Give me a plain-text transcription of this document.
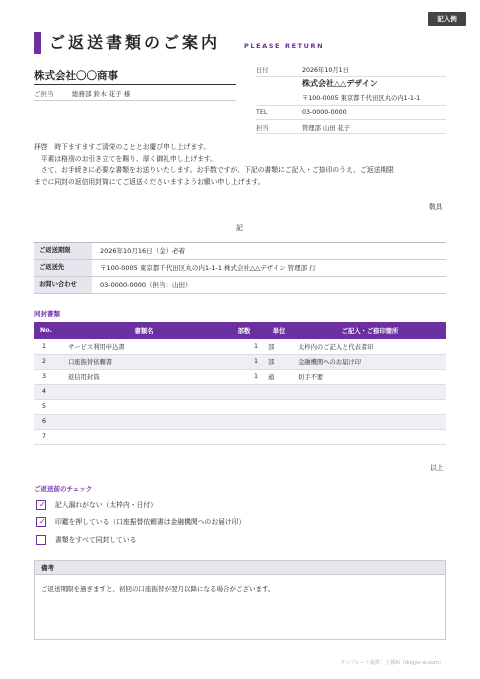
記入例
ご返送書類のご案内	PLEASE RETURN
株式会社〇〇商事
ご担当	総務部 鈴木 花子 様
日付	2026年10月1日
株式会社△△デザイン
〒100-0005 東京都千代田区丸の内1-1-1
TEL	03-0000-0000
担当	管理部 山田 花子

拝啓　時下ますますご清栄のこととお慶び申し上げます。

　平素は格別のお引き立てを賜り、厚く御礼申し上げます。

　さて、お手続きに必要な書類をお送りいたします。お手数ですが、下記の書類にご記入・ご捺印のうえ、ご返送期限

までに同封の返信用封筒にてご返送くださいますようお願い申し上げます。

敬具
記
ご返送期限	2026年10月16日（金）必着
ご返送先	〒100-0005 東京都千代田区丸の内1-1-1 株式会社△△デザイン 管理部 行
お問い合わせ	03-0000-0000（担当：山田）
同封書類
No.	書類名	部数	単位	ご記入・ご捺印箇所
1	サービス利用申込書	1	部	太枠内のご記入と代表者印
2	口座振替依頼書	1	部	金融機関へのお届け印
3	返信用封筒	1	通	切手不要
4				
5				
6				
7				
以上
ご返送前のチェック
✓ 記入漏れがない（太枠内・日付）
✓ 印鑑を押している（口座振替依頼書は金融機関へのお届け印）
書類をすべて同封している
備考
ご返送期限を過ぎますと、初回の口座振替が翌月以降になる場合がございます。
テンプレート提供：土鷲AI（dogyu-ai.com）
